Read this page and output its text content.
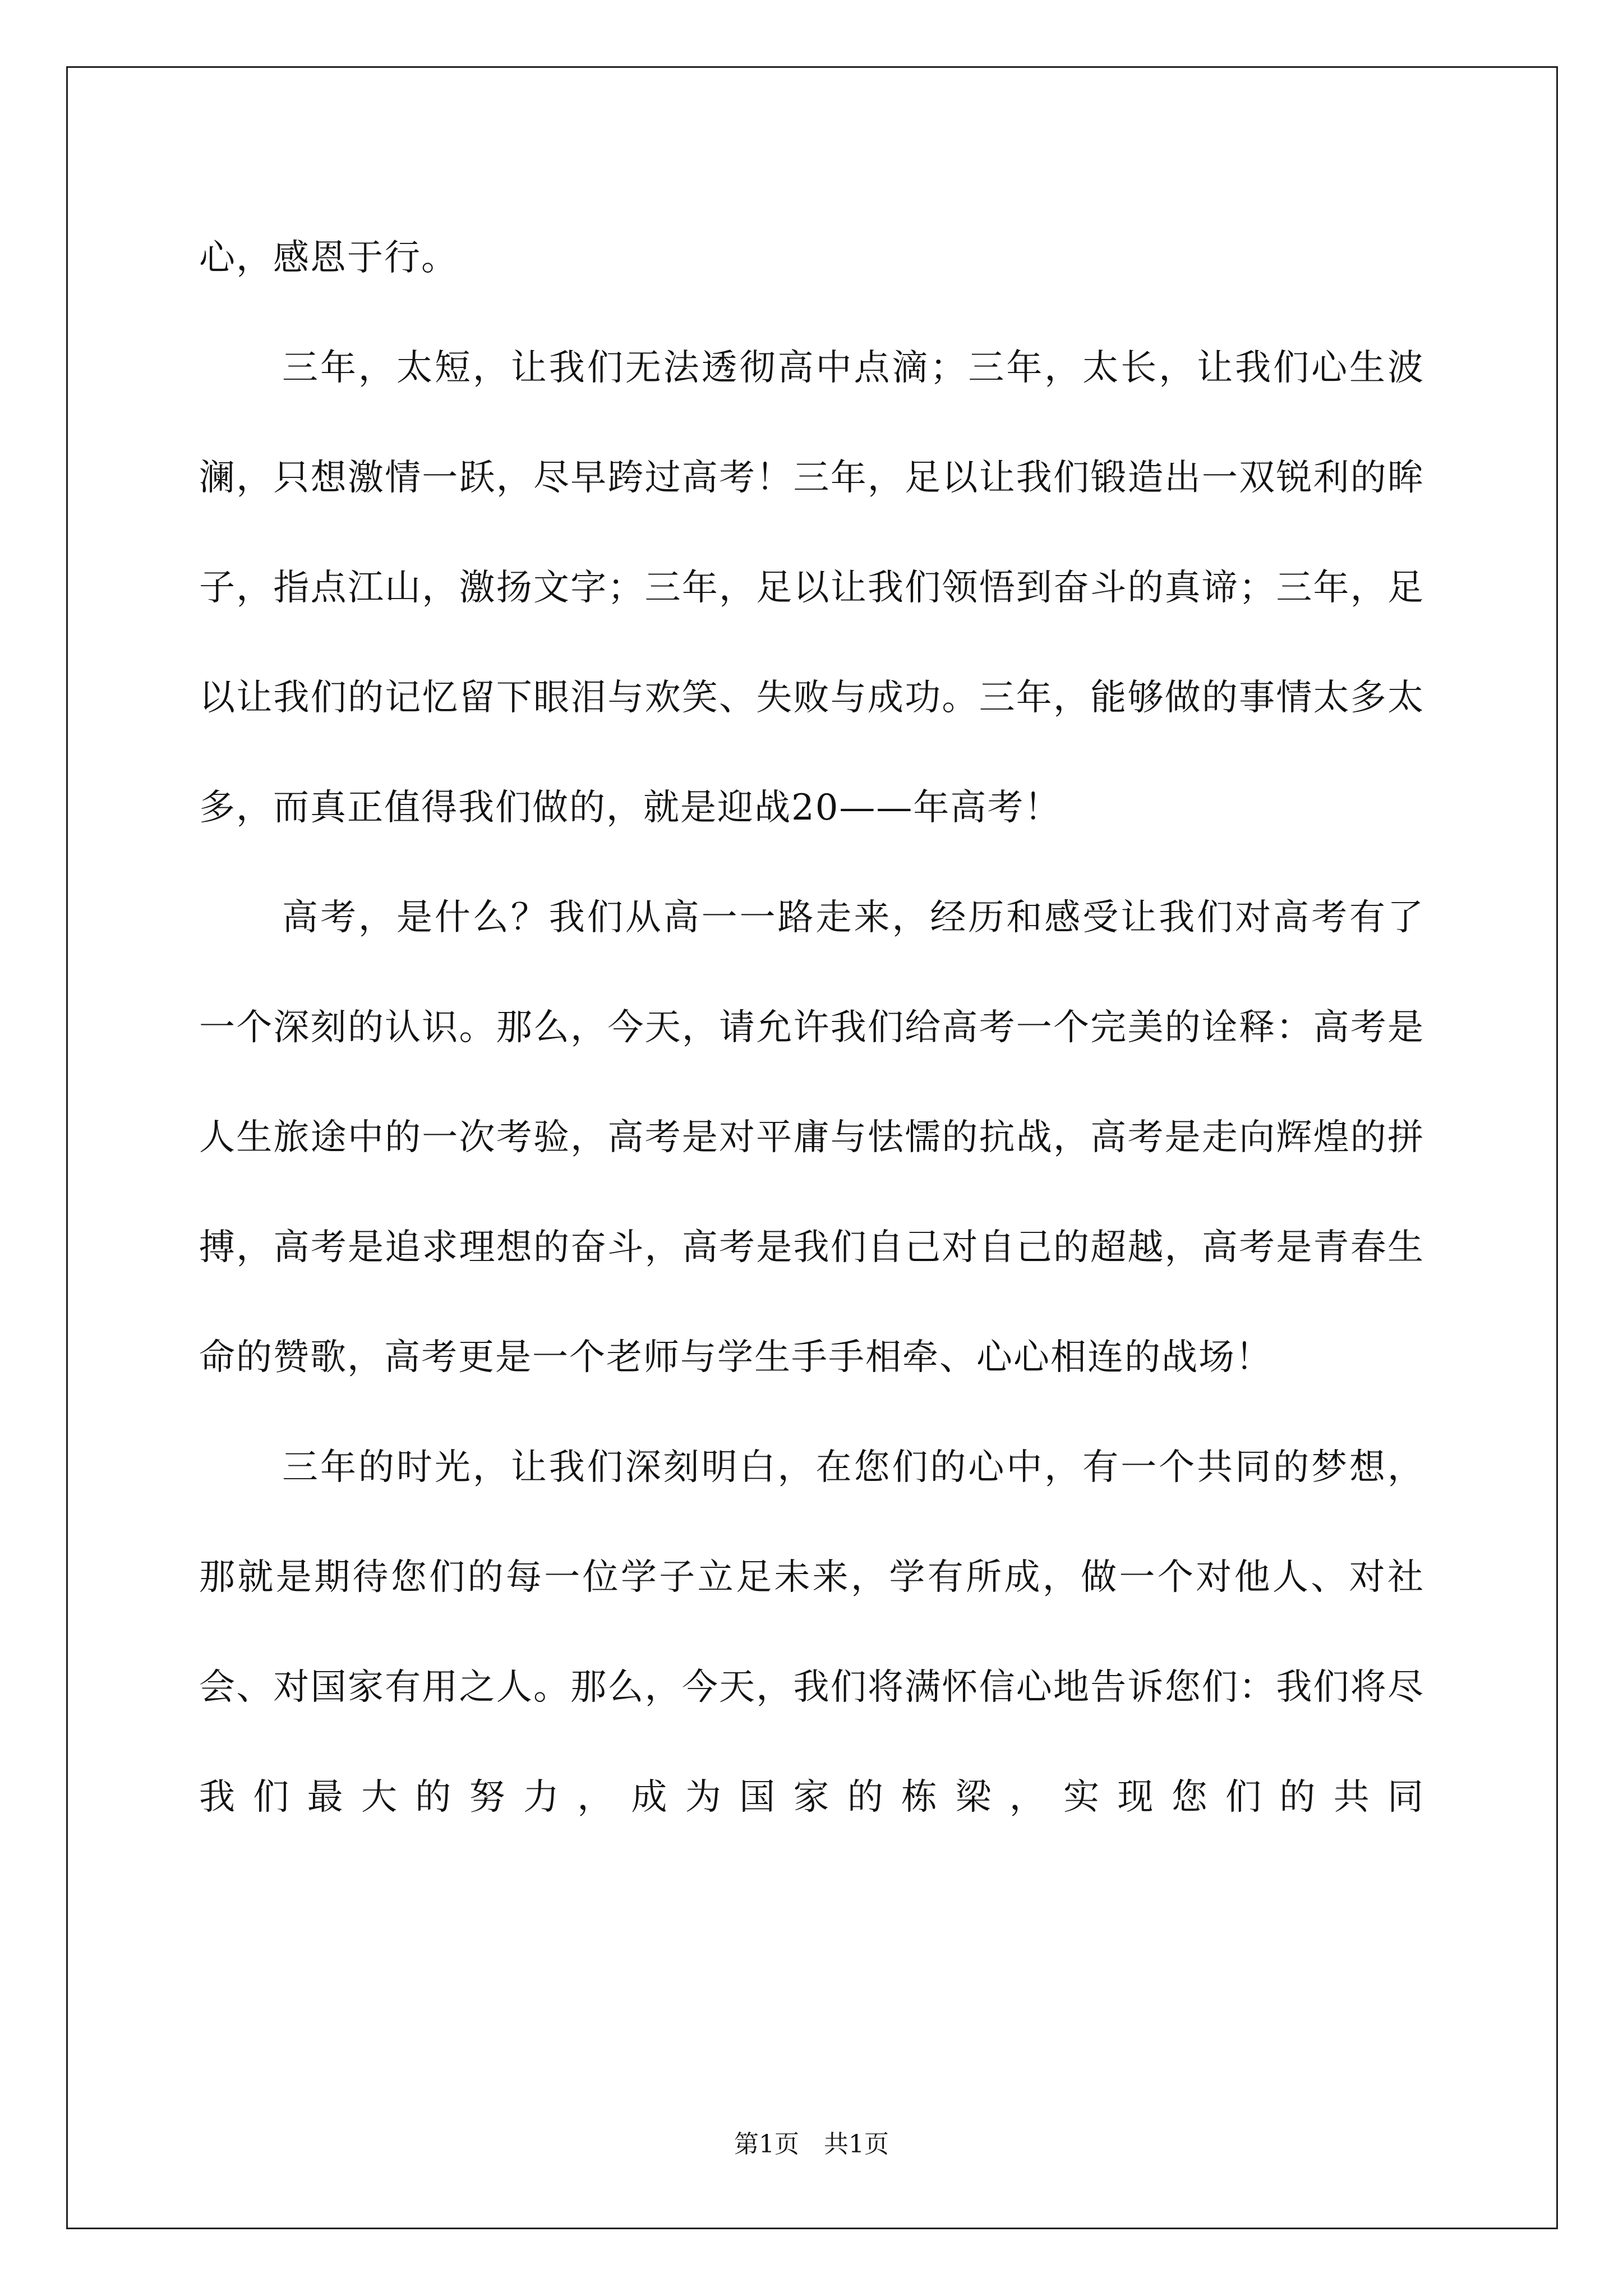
心，感恩于行。

三年，太短，让我们无法透彻高中点滴；三年，太长，让我们心生波澜，只想激情一跃，尽早跨过高考！三年，足以让我们锻造出一双锐利的眸子，指点江山，激扬文字；三年，足以让我们领悟到奋斗的真谛；三年，足以让我们的记忆留下眼泪与欢笑、失败与成功。三年，能够做的事情太多太多，而真正值得我们做的，就是迎战20——年高考！

高考，是什么？我们从高一一路走来，经历和感受让我们对高考有了一个深刻的认识。那么，今天，请允许我们给高考一个完美的诠释：高考是人生旅途中的一次考验，高考是对平庸与怯懦的抗战，高考是走向辉煌的拼搏，高考是追求理想的奋斗，高考是我们自己对自己的超越，高考是青春生命的赞歌，高考更是一个老师与学生手手相牵、心心相连的战场！

三年的时光，让我们深刻明白，在您们的心中，有一个共同的梦想，那就是期待您们的每一位学子立足未来，学有所成，做一个对他人、对社会、对国家有用之人。那么，今天，我们将满怀信心地告诉您们：我们将尽我们最大的努力，成为国家的栋梁，实现您们的共同

第1页 共1页
